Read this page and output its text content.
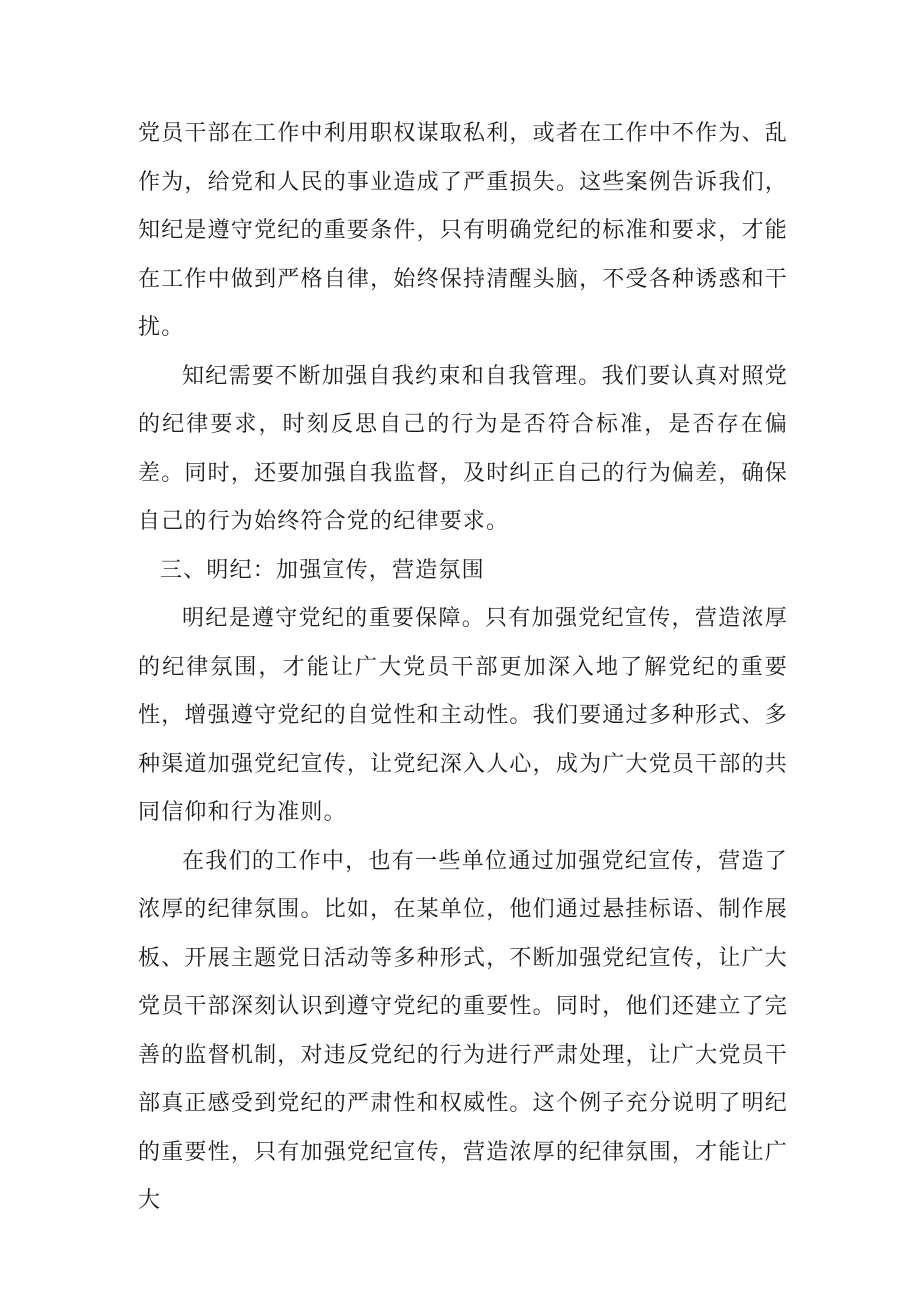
党员干部在工作中利用职权谋取私利，或者在工作中不作为、乱作为，给党和人民的事业造成了严重损失。这些案例告诉我们，知纪是遵守党纪的重要条件，只有明确党纪的标准和要求，才能在工作中做到严格自律，始终保持清醒头脑，不受各种诱惑和干扰。

知纪需要不断加强自我约束和自我管理。我们要认真对照党的纪律要求，时刻反思自己的行为是否符合标准，是否存在偏差。同时，还要加强自我监督，及时纠正自己的行为偏差，确保自己的行为始终符合党的纪律要求。

三、明纪：加强宣传，营造氛围

明纪是遵守党纪的重要保障。只有加强党纪宣传，营造浓厚的纪律氛围，才能让广大党员干部更加深入地了解党纪的重要性，增强遵守党纪的自觉性和主动性。我们要通过多种形式、多种渠道加强党纪宣传，让党纪深入人心，成为广大党员干部的共同信仰和行为准则。

在我们的工作中，也有一些单位通过加强党纪宣传，营造了浓厚的纪律氛围。比如，在某单位，他们通过悬挂标语、制作展板、开展主题党日活动等多种形式，不断加强党纪宣传，让广大党员干部深刻认识到遵守党纪的重要性。同时，他们还建立了完善的监督机制，对违反党纪的行为进行严肃处理，让广大党员干部真正感受到党纪的严肃性和权威性。这个例子充分说明了明纪的重要性，只有加强党纪宣传，营造浓厚的纪律氛围，才能让广大
